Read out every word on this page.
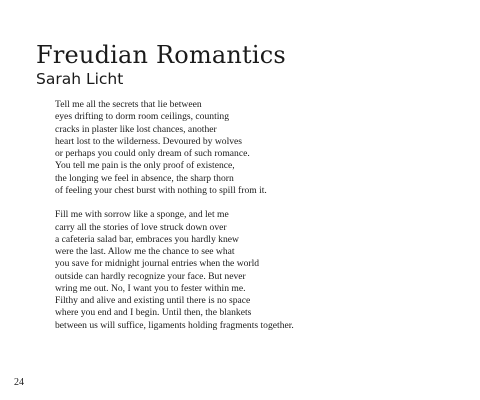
Freudian Romantics
Sarah Licht

Tell me all the secrets that lie between
eyes drifting to dorm room ceilings, counting
cracks in plaster like lost chances, another
heart lost to the wilderness. Devoured by wolves
or perhaps you could only dream of such romance.
You tell me pain is the only proof of existence,
the longing we feel in absence, the sharp thorn
of feeling your chest burst with nothing to spill from it.

Fill me with sorrow like a sponge, and let me
carry all the stories of love struck down over
a cafeteria salad bar, embraces you hardly knew
were the last. Allow me the chance to see what
you save for midnight journal entries when the world
outside can hardly recognize your face. But never
wring me out. No, I want you to fester within me.
Filthy and alive and existing until there is no space
where you end and I begin. Until then, the blankets
between us will suffice, ligaments holding fragments together.

24
